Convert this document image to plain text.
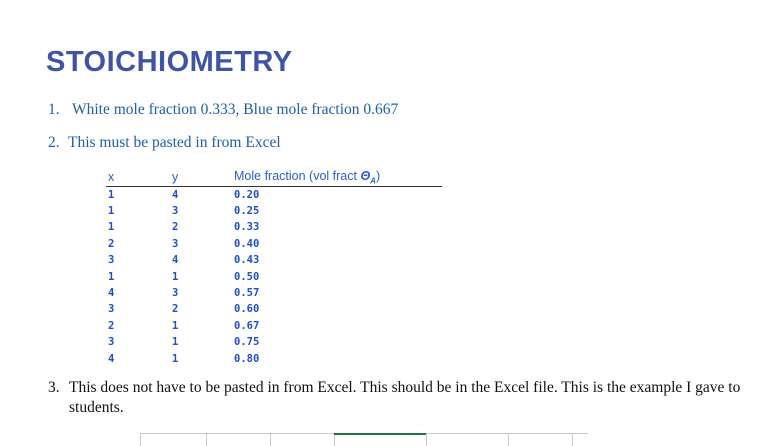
STOICHIOMETRY
1. White mole fraction 0.333, Blue mole fraction 0.667
2. This must be pasted in from Excel
x	y	Mole fraction (vol fract $\Theta_A$)
1	4	0.20
1	3	0.25
1	2	0.33
2	3	0.40
3	4	0.43
1	1	0.50
4	3	0.57
3	2	0.60
2	1	0.67
3	1	0.75
4	1	0.80
3. This does not have to be pasted in from Excel. This should be in the Excel file. This is the example I gave to students.
